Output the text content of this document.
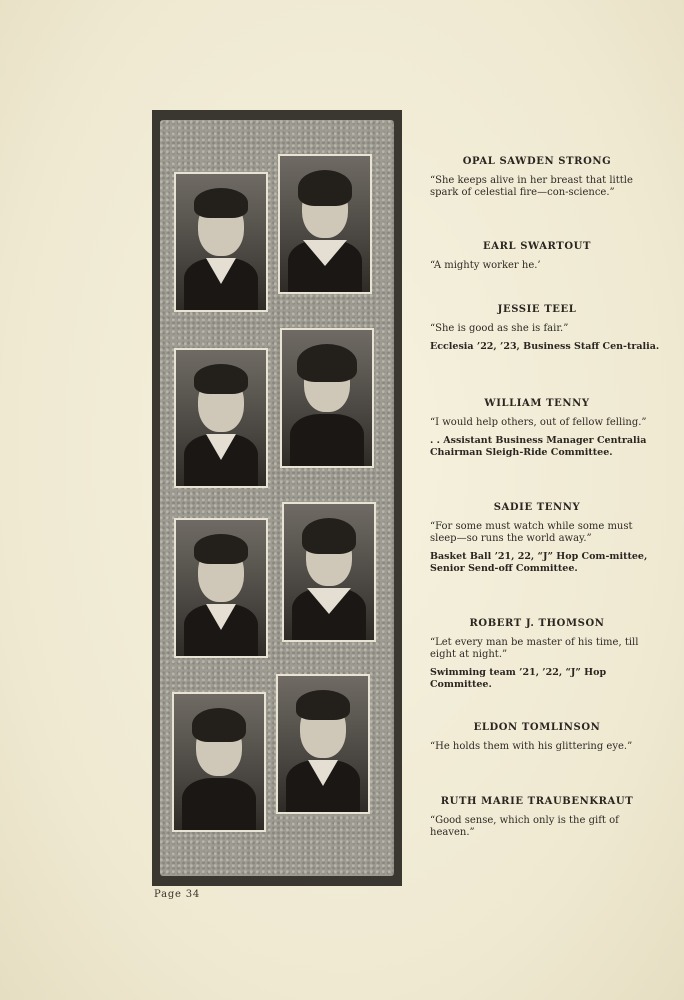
OPAL SAWDEN STRONG
“She keeps alive in her breast that little spark of celestial fire—con-science.”
EARL SWARTOUT
“A mighty worker he.’
JESSIE TEEL
“She is good as she is fair.”
Ecclesia ’22, ’23, Business Staff Cen-tralia.
WILLIAM TENNY
“I would help others, out of fellow felling.”
. . Assistant Business Manager Centralia Chairman Sleigh-Ride Committee.
SADIE TENNY
“For some must watch while some must sleep—so runs the world away.”
Basket Ball ’21, 22, “J” Hop Com-mittee, Senior Send-off Committee.
ROBERT J. THOMSON
“Let every man be master of his time, till eight at night.”
Swimming team ’21, ’22, “J” Hop Committee.
ELDON TOMLINSON
“He holds them with his glittering eye.”
RUTH MARIE TRAUBENKRAUT
“Good sense, which only is the gift of heaven.”
Page 34
